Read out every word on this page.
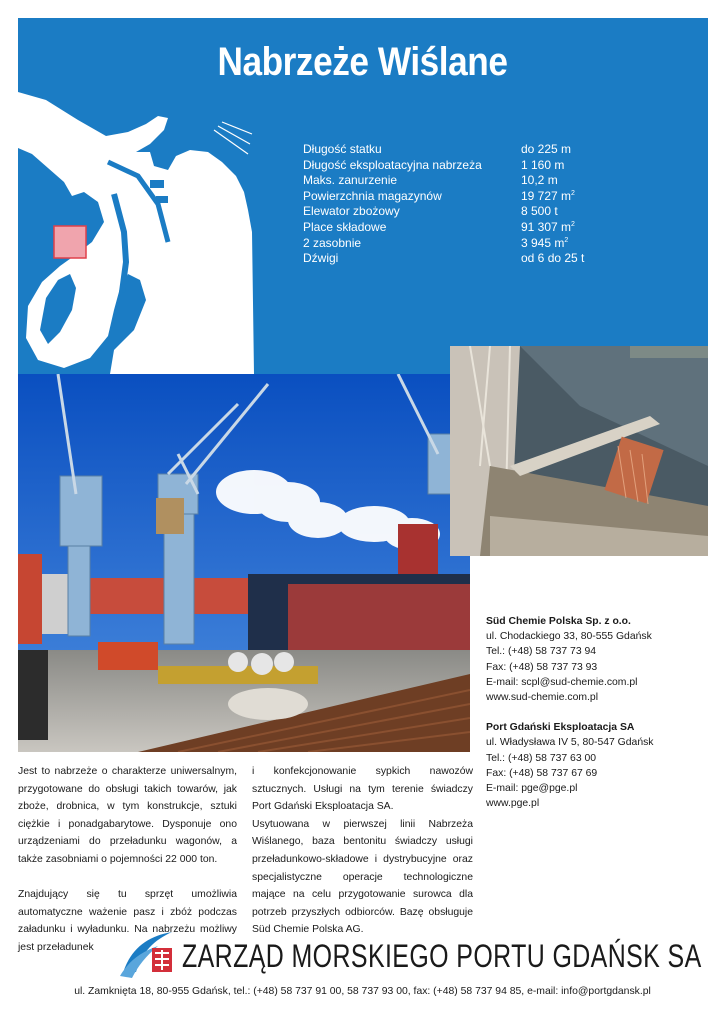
Nabrzeże Wiślane
Długość statku	do 225 m
Długość eksploatacyjna nabrzeża	1 160 m
Maks. zanurzenie	10,2 m
Powierzchnia magazynów	19 727 $m^2$
Elewator zbożowy	8 500 t
Place składowe	91 307 $m^2$
2 zasobnie	3 945 $m^2$
Dźwigi	od 6 do 25 t
Süd Chemie Polska Sp. z o.o.
ul. Chodackiego 33, 80-555 Gdańsk
Tel.: (+48) 58 737 73 94
Fax: (+48) 58 737 73 93
E-mail: scpl@sud-chemie.com.pl
www.sud-chemie.com.pl
Port Gdański Eksploatacja SA
ul. Władysława IV 5, 80-547 Gdańsk
Tel.: (+48) 58 737 63 00
Fax: (+48) 58 737 67 69
E-mail: pge@pge.pl
www.pge.pl

Jest to nabrzeże o charakterze uniwersalnym, przygotowane do obsługi takich towarów, jak zboże, drobnica, w tym konstrukcje, sztuki ciężkie i ponadgabarytowe. Dysponuje ono urządzeniami do przeładunku wagonów, a także zasobniami o pojemności 22 000 ton.

Znajdujący się tu sprzęt umożliwia automatyczne ważenie pasz i zbóż podczas załadunku i wyładunku. Na nabrzeżu możliwy jest przeładunek

i konfekcjonowanie sypkich nawozów sztucznych. Usługi na tym terenie świadczy Port Gdański Eksploatacja SA.

Usytuowana w pierwszej linii Nabrzeża Wiślanego, baza bentonitu świadczy usługi przeładunkowo-składowe i dystrybucyjne oraz specjalistyczne operacje technologiczne mające na celu przygotowanie surowca dla potrzeb przyszłych odbiorców. Bazę obsługuje Süd Chemie Polska AG.

ZARZĄD MORSKIEGO PORTU GDAŃSK SA
ul. Zamknięta 18, 80-955 Gdańsk, tel.: (+48) 58 737 91 00, 58 737 93 00, fax: (+48) 58 737 94 85, e-mail: info@portgdansk.pl
